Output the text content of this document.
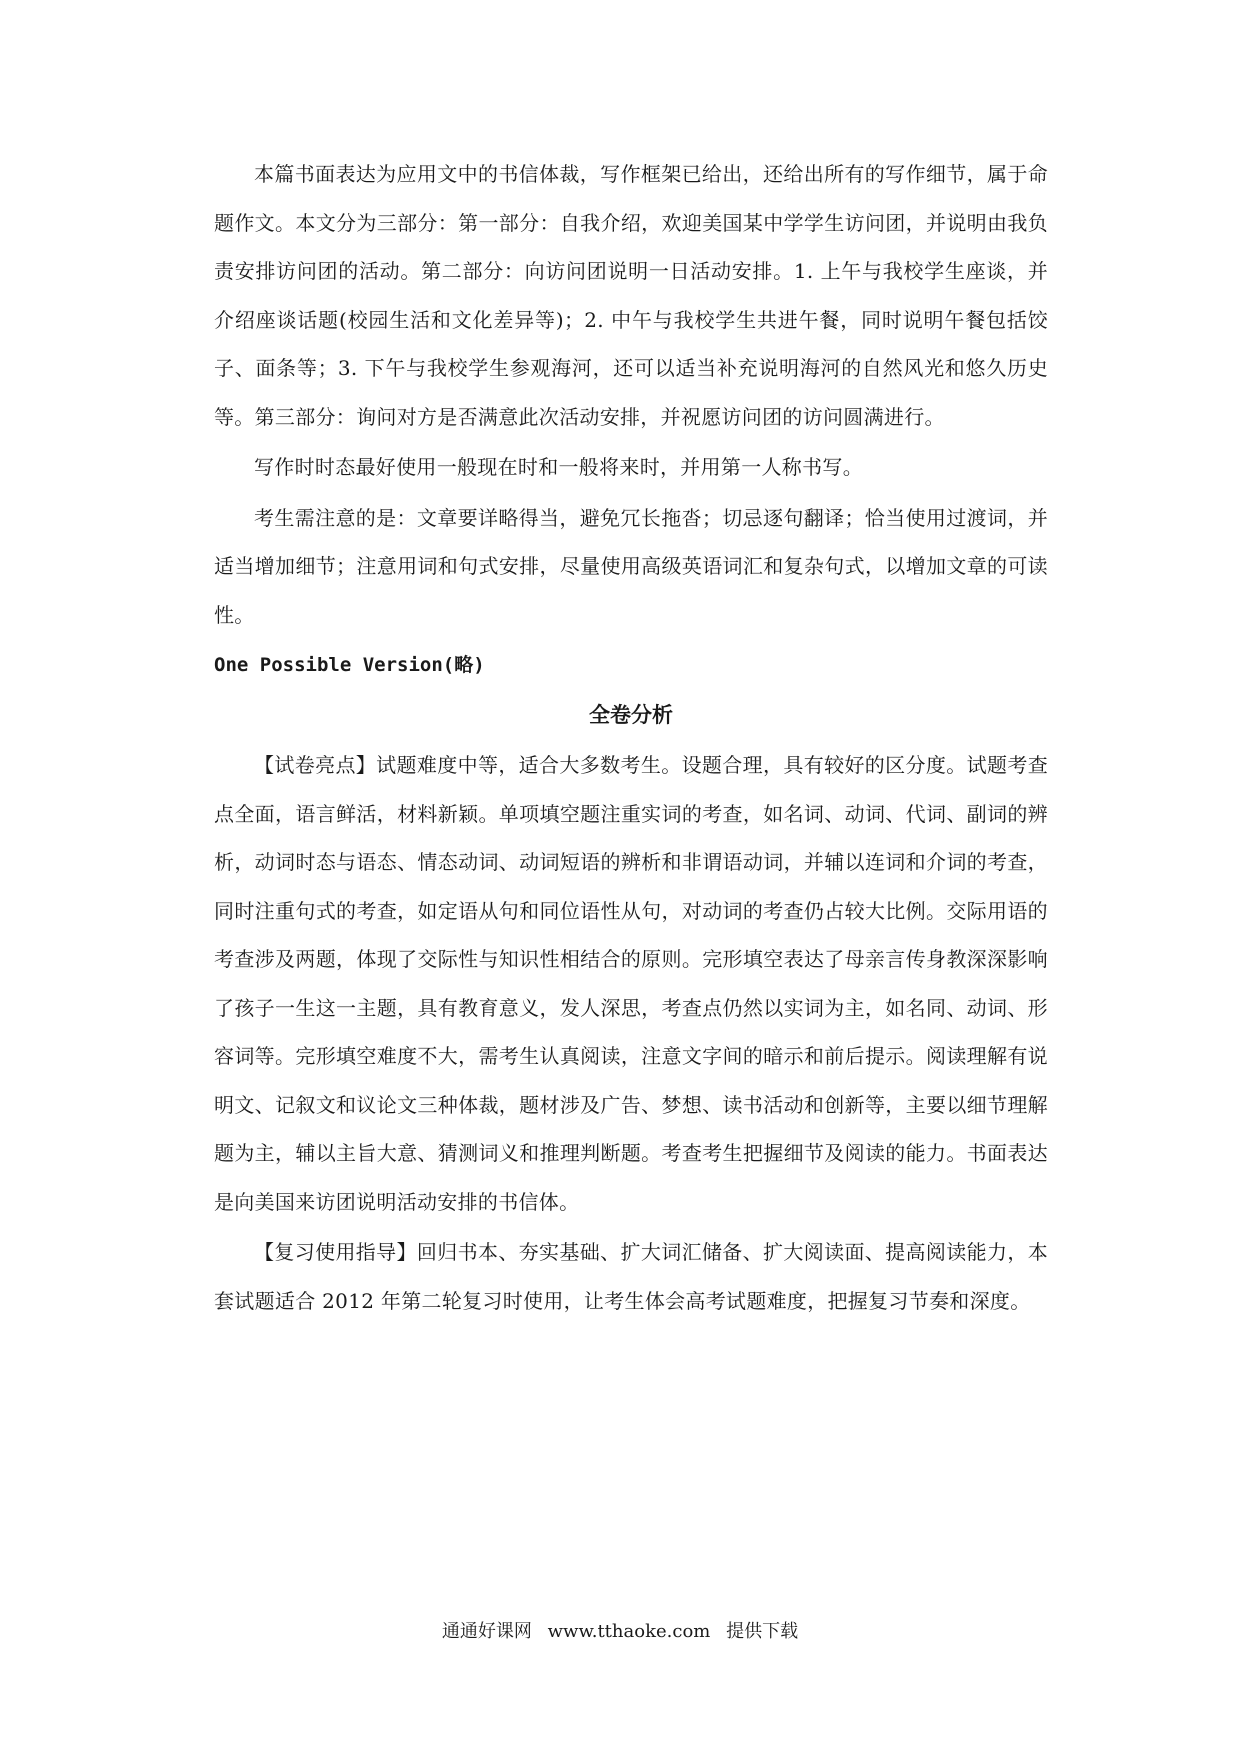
本篇书面表达为应用文中的书信体裁，写作框架已给出，还给出所有的写作细节，属于命题作文。本文分为三部分：第一部分：自我介绍，欢迎美国某中学学生访问团，并说明由我负责安排访问团的活动。第二部分：向访问团说明一日活动安排。1. 上午与我校学生座谈，并介绍座谈话题(校园生活和文化差异等)；2. 中午与我校学生共进午餐，同时说明午餐包括饺子、面条等；3. 下午与我校学生参观海河，还可以适当补充说明海河的自然风光和悠久历史等。第三部分：询问对方是否满意此次活动安排，并祝愿访问团的访问圆满进行。

写作时时态最好使用一般现在时和一般将来时，并用第一人称书写。

考生需注意的是：文章要详略得当，避免冗长拖沓；切忌逐句翻译；恰当使用过渡词，并适当增加细节；注意用词和句式安排，尽量使用高级英语词汇和复杂句式，以增加文章的可读性。

One Possible Version(略)
全卷分析

【试卷亮点】试题难度中等，适合大多数考生。设题合理，具有较好的区分度。试题考查点全面，语言鲜活，材料新颖。单项填空题注重实词的考查，如名词、动词、代词、副词的辨析，动词时态与语态、情态动词、动词短语的辨析和非谓语动词，并辅以连词和介词的考查，同时注重句式的考查，如定语从句和同位语性从句，对动词的考查仍占较大比例。交际用语的考查涉及两题，体现了交际性与知识性相结合的原则。完形填空表达了母亲言传身教深深影响了孩子一生这一主题，具有教育意义，发人深思，考查点仍然以实词为主，如名同、动词、形容词等。完形填空难度不大，需考生认真阅读，注意文字间的暗示和前后提示。阅读理解有说明文、记叙文和议论文三种体裁，题材涉及广告、梦想、读书活动和创新等，主要以细节理解题为主，辅以主旨大意、猜测词义和推理判断题。考查考生把握细节及阅读的能力。书面表达是向美国来访团说明活动安排的书信体。

【复习使用指导】回归书本、夯实基础、扩大词汇储备、扩大阅读面、提高阅读能力，本套试题适合 2012 年第二轮复习时使用，让考生体会高考试题难度，把握复习节奏和深度。

通通好课网 www.tthaoke.com 提供下载
